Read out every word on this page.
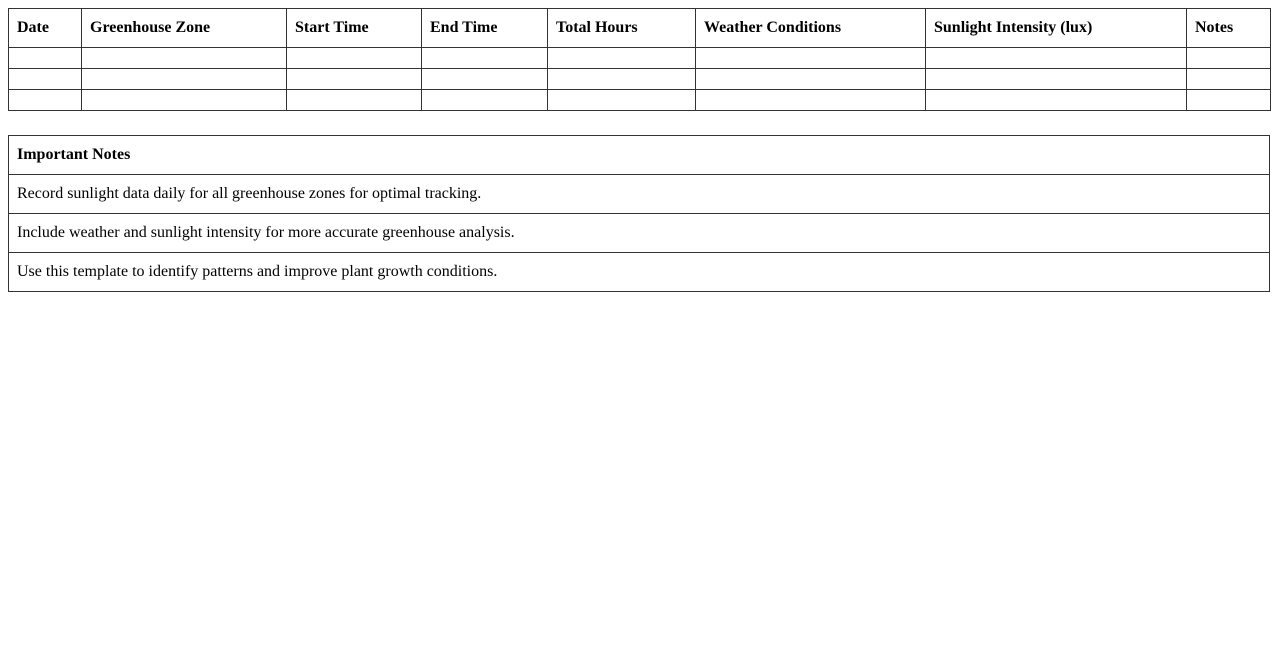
Date	Greenhouse Zone	Start Time	End Time	Total Hours	Weather Conditions	Sunlight Intensity (lux)	Notes

Important Notes
Record sunlight data daily for all greenhouse zones for optimal tracking.
Include weather and sunlight intensity for more accurate greenhouse analysis.
Use this template to identify patterns and improve plant growth conditions.
